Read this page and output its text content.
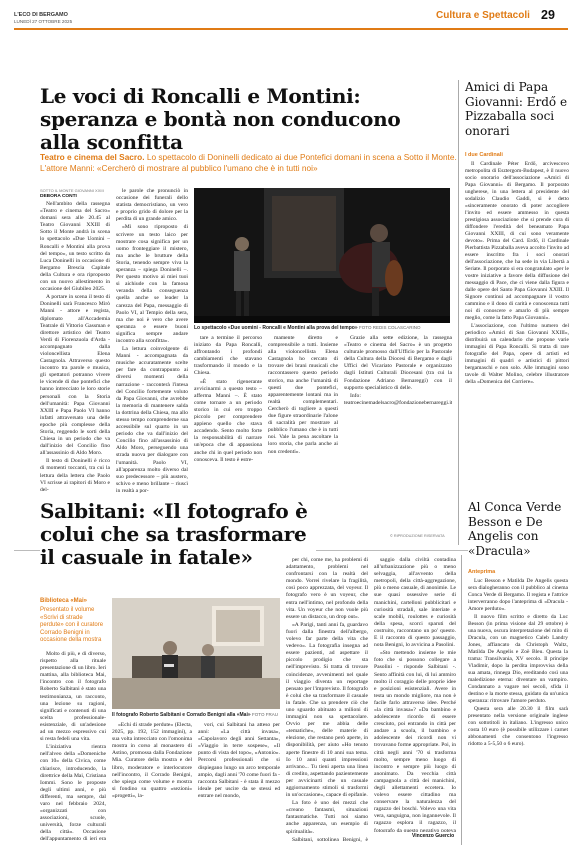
L'ECO DI BERGAMO
LUNEDÌ 27 OTTOBRE 2025
Cultura e Spettacoli 29
Le voci di Roncalli e Montini: speranza e bontà non conducono alla sconfitta
Teatro e cinema del Sacro. Lo spettacolo di Doninelli dedicato ai due Pontefici domani in scena a Sotto il Monte. L'attore Manni: «Cercherò di mostrare al pubblico l'umano che è in tutti noi»
SOTTO IL MONTE GIOVANNI XXIII
DEBORA CONTI

Nell'ambito della rassegna «Teatro e cinema del Sacro» domani sera alle 20.45 al Teatro Giovanni XXIII di Sotto il Monte andrà in scena lo spettacolo «Due Uomini – Roncalli e Montini alla prova del tempo», un testo scritto da Luca Doninelli in occasione di Bergamo Brescia Capitale della Cultura e ora riproposto con un nuovo allestimento in occasione del Giubileo 2025.

A portare in scena il testo di Doninelli sarà Francesco Mirò Manni - attore e regista, diplomato all'Accademia Teatrale di Vittorio Gassman e direttore artistico del Teatro Verdi di Fiorenzuola d'Arda - accompagnato dalla violoncellista Elena Castagnola. Attraverso questo incontro tra parole e musica, gli spettatori potranno vivere le vicende di due pontefici che hanno intrecciato le loro storie personali con la Storia dell'umanità: Papa Giovanni XXIII e Papa Paolo VI hanno infatti attraversato una delle epoche più complesse della Storia, reggendo le sorti della Chiesa in un periodo che va dall'inizio del Concilio fino all'assassinio di Aldo Moro.

Il testo di Doninelli è ricco di momenti toccanti, tra cui la lettura della lettera che Paolo VI scrisse ai rapitori di Moro e del-

le parole che pronunciò in occasione dei funerali dello statista democristiano, un vero e proprio grido di dolore per la perdita di un grande amico.

«Mi sono riproposto di scrivere un testo laico per mostrare cosa significa per un uomo fronteggiare il mistero, ma anche le brutture della Storia, tenendo sempre viva la speranza – spiega Doninelli –. Per questo motivo ai miei tuoi si aichiude con la famosa veranda della conseguenza quella anche se leader la carezza del Papa, messaggio di Paolo VI, al Tempio della sera, ma che noi è vero che avere speranza e essere buoni significa sempre andare incontro alla sconfitta».

La lettura coinvolgente di Manni - accompagnata da musiche accuratamente scelte per fare da contrappunto ai diversi momenti della narrazione - racconterà l'intesa del Concilio fortemente voluto da Papa Giovanni, che avrebbe la memoria di mantenere salda la dottrina della Chiesa, ma allo stesso tempo comprenderne sua accessibile sul quarto in un periodo che va dall'inizio del Concilio fino all'assassinio di Aldo Moro, perseguendo una strada nuova per dialogare con l'umanità. Paolo VI, all'apparenza molto diverso dal suo predecessore – più austero, schivo e meno brillante – riuscì in realtà a por-

Lo spettacolo «Due uomini - Roncalli e Montini alla prova del tempo» FOTO REDIS COLASCARINO

tare a termine il percorso iniziato da Papa Roncalli, affrontando i profondi cambiamenti che stavano trasformando il mondo e la Chiesa.

«È stato rigenerante avvicinarmi a questo testo – afferma Manni –. È stato come tornare a un periodo storico in cui ero troppo piccolo per comprendere appieno quello che stava accadendo. Sento molto forte la responsabilità di narrare un'epoca che di appassiona anche chi in quel periodo non conosceva. Il testo è estre-

mamente diretto e comprensibile a tutti. Insieme alla violoncellista Elena Castagnola ho cercato di trovare dei brani musicali che raccontassero questo periodo storico, ma anche l'umanità di questi due pontefici, apparentemente lontani ma in realtà complementari. Cercherò di togliere a questi due figure straordinarie l'alone di sacralità per mostrare al pubblico l'umano che è in tutti noi. Vale la pena ascoltare la loro storia, che parla anche ai non credenti».

Grazie alla sette edizione, la rassegna «Teatro e cinema del Sacro» è un progetto culturale promosso dall'Ufficio per la Pastorale della Cultura della Diocesi di Bergamo e dagli Uffici del Vicariato Pastorale e organizzato dagli Istituti Culturali Diocesani (tra cui la Fondazione Adriano Bernareggi) con il supporto specialistico di delle.

Info: teatroecinemadelsacro@fondazionebernareggi.it

© RIPRODUZIONE RISERVATA
Amici di Papa Giovanni: Erdő e Pizzaballa soci onorari
I due Cardinali

Il Cardinale Péter Erdő, arcivescovo metropolita di Esztergom-Budapest, è il nuovo socio onorario dell'associazione «Amici di Papa Giovanni» di Bergamo. Il porporato ungherese, in una lettera al presidente del sodalizio Claudio Gaddi, si è detto «sinceramente onorato di poter accogliere l'invito ed essere ammesso in questa prestigiosa associazione che si prende cura di diffondere l'eredità del beneamato Papa Giovanni XXIII, di cui sono veramente devoto». Prima del Card. Erdő, il Cardinale Pierbattista Pizzaballa aveva accolto l'invito ad essere inscritto fra i soci onorari dell'associazione, che ha sede in via Libertà a Seriate. Il porporato si era congratulato «per le vostre iniziative a favore della diffusione del messaggio di Pace, che ci viene dalla figura e dalle opere del Santo Papa Giovanni XXIII. Il Signore continui ad accompagnare il vostro cammino e il dono di carità e conoscenza tutti noi di conoscere e amarlo di più sempre meglio, come la fatto Papa Giovanni».

L'associazione, con l'ultimo numero del periodico «Amici di San Giovanni XXIII», distribuirà un calendario che propone varie immagini di Papa Roncalli. Si tratta di rare fotografie del Papa, opere di artisti ed immagini di quadri e artistici di pittori bergamaschi e non solo. Alle immagini sono tavole di Walter Molino, celebre illustratore della «Domenica del Corriere».

Salbitani: «Il fotografo è colui che sa trasformare il casuale in fatale»
Biblioteca «Mai»
Presentato il volume «Scrivi di strade perdute» con il curatore Corrado Benigni in occasione della mostra

Molto di più, e di diverso, rispetto alla rituale presentazione di un libro. Ieri mattina, alla biblioteca Mai, l'incontro con il fotografo Roberto Salbitani è stato una testimonianza, un racconto, una lezione su ragioni, significati e contenuti di una scelta professionale-esistenziale, di un'adesione ad un mezzo espressivo cui si resta fedeli una vita.

L'iniziativa rientra nell'alveo della «Domeniche con 10» della Civica, come chiarisce, introducendo, la direttrice della Mai, Cristiana Iommi. Sono le proposte degli ultimi anni, e più differenti, ma sempre, dal varo nel febbraio 2024, «organizzati con associazioni, scuole, università, forze culturali della città». Occasione dell'appuntamento di ieri era

Il fotografo Roberto Salbitani e Corrado Benigni alla «Mai» FOTO FRAU

«Echi di strade perdute» (Electa, 2025, pp. 192, 152 immagini), a sua volta intrecciato con l'omonima mostra in corso al monastero di Astino, promossa dalla Fondazione Mia. Curatore della mostra e del libro, moderatore e interlocutore nell'incontro, il Corrado Benigni, che spiega come volume e mostra si fondino su quattro «sezioni» «progetti», la-

vori, cui Salbitani ha atteso per anni: «La città invasa», «Capolavoro degli anni Settanta», «Viaggio in terre sospese», «Il punto di vista del topo», «Antonio». Percorsi professionali che si dispiegano lungo un arco temporale ampio, dagli anni '70 come fuori fa - racconta Salbitani - è stata il mezzo ideale per uscire da se stessi ed entrare nel mondo,

per chi, come me, ha problemi di adattamento, problemi nel confrontarsi con la realtà del mondo. Vorrei rivelare la fragilità, così poco apprezzata, del voyeur. Il fotografo vero è un voyeur, che entra nell'intimo, nel profondo della vita. Un voyeur che non vuole più essere un distacco, un drop out».

«A Parigi, tanti anni fa, guardavo fuori dalla finestra dell'albergo, volevo far parte della vita che vedevo». La fotografia insegna ad essere pazienti, ad aspettare il piccolo prodigio che sta nell'imprevisto. Si tratta di trovare coincidenze, avvenimenti nel quale il viaggio diventa un reportage pensato per l'imprevisto. Il fotografo è colui che sa trasformare il casuale in fatale. Che sa prendere ciò che uno sguardo abituato a milioni di immagini non sa spettacolare. Ovvio per me abbia delle «tematiche», delle materie di elezione, che restano però aperte, in disponibilità, per aiuto «Ho tenuto aperte finestre di 10 anni sua tema. Io 10 anni quanti impressioni arrivano... Tu tieni aperta una linea di credito, aspettando pazientemente per avvicinarti che un casuale aggiornamento stimoli si trasformi in un'occasione», capace di epifanie.

La foto è uno dei mezzi che «creano fantasmi, situazioni fantasmatiche. Tutti noi siamo anche apparenza, un esempio di spiritualità».

Salbitani, sottolinea Benigni, è

saggio dalla civiltà contadina all'urbanizzazione più o meno selvaggia, all'avvento della metropoli, della città-aggregazione, più o meno casuale, di anonimie. Le sue quasi ossessive serie di manichini, cartelloni pubblicitari e curiosità stradali, sale interiate e scale mobili, roulottes e curiosità della spesa, scorci sparuti del costruito, raccontano un po' questo. E il racconto di questo passaggio, nota Benigni, lo avvicina a Pasolini.

«Sto mettendo insieme le mie foto che si possono collegare a Pasolini - risponde Salbitani -. Sento affinità con lui, di lui ammiro molto il coraggio delle proprie idee e posizioni esistenziali. Avere in testa un mondo migliore, ma non è facile farlo attraverso idee. Perché «la città invasa»? «Da bambino e adolescente ricordo di essere cresciuto, poi entrando in città per andare a scuola, il bambino e adolescente dei ricordi non vi trovavano forme appropriate. Poi, in città negli anni '70 si trasforma molto, sempre meno luogo di incontro e sempre più luogo di anonimato. Da vecchia città campagnola a città dei manichini, degli allettamenti eccetera. Io volevo essere cittadino ma conservare la naturalezza del ragazzo dei boschi. Volevo una vita vera, sanguigna, non ingannevole. Il ragazzo esplora il ragazzo, il fotografo da questo negativo poteva

Vincenzo Guercio
Al Conca Verde Besson e De Angelis con «Dracula»
Anteprima

Luc Besson e Matilda De Angelis questa sera dialogheranno con il pubblico al cinema Conca Verde di Bergamo. Il regista e l'attrice interverranno dopo l'anteprima di «Dracula - Amore perduto».

Il nuovo film scritto e diretto da Luc Besson (in prima visione dal 29 ottobre) è una nuova, oscura interpretazione del mito di Dracula, con un magnetico Caleb Landry Jones, affiancato da Christoph Waltz, Matilda De Angelis e Zoë Bleu. Questa la trama: Transilvania, XV secolo. Il principe Vladimir, dopo la perdita improvvisa della sua amata, rinnega Dio, ereditando così una maledizione eterna: diventare un vampiro. Condannato a vagare nei secoli, sfida il destino e la morte stessa, guidato da un'unica speranza: ritrovare l'amore perduto.

Questa sera alle 20.30 il film sarà presentato nella versione originale inglese con sottotitoli in italiano. L'ingresso unico costa 10 euro (è possibile utilizzare i carnet abbonamenti che consentono l'ingresso ridotto a 5-5,50 o 6 euro).
